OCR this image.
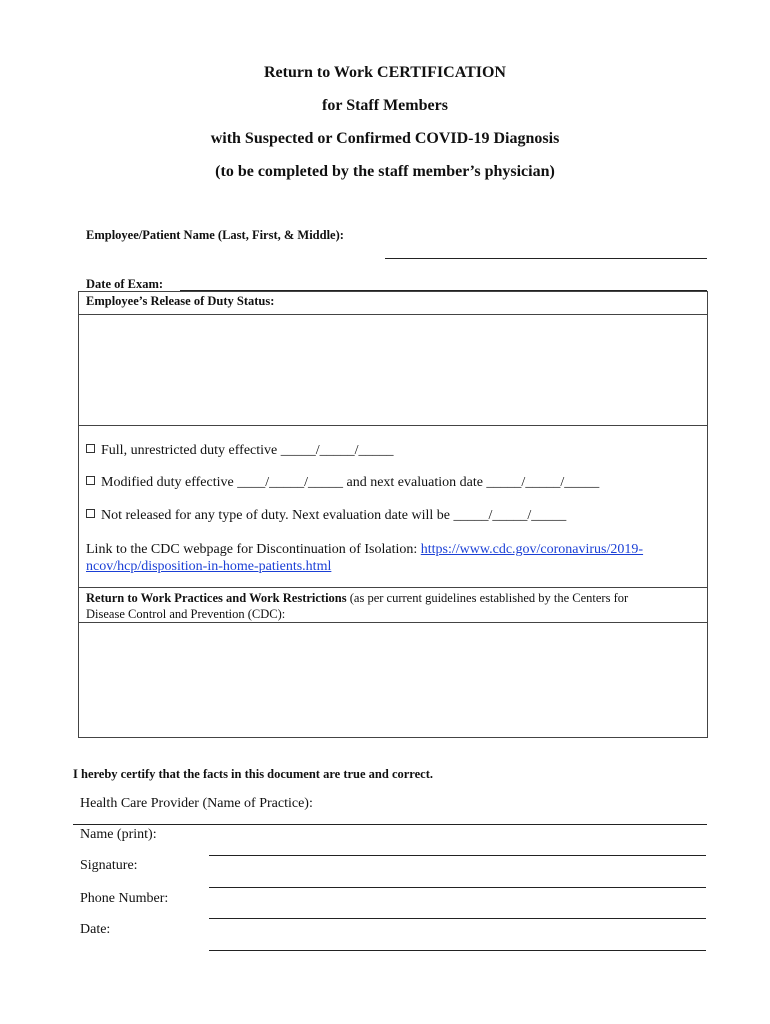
Return to Work CERTIFICATION
for Staff Members
with Suspected or Confirmed COVID-19 Diagnosis
(to be completed by the staff member’s physician)
Employee/Patient Name (Last, First, & Middle):
Date of Exam:
Employee’s Release of Duty Status:
Full, unrestricted duty effective _____/_____/_____
Modified duty effective ____/_____/_____ and next evaluation date _____/_____/_____
Not released for any type of duty. Next evaluation date will be _____/_____/_____
Link to the CDC webpage for Discontinuation of Isolation: https://www.cdc.gov/coronavirus/2019-
ncov/hcp/disposition-in-home-patients.html
Return to Work Practices and Work Restrictions (as per current guidelines established by the Centers for
Disease Control and Prevention (CDC):
I hereby certify that the facts in this document are true and correct.
Health Care Provider (Name of Practice):
Name (print):
Signature:
Phone Number:
Date:
